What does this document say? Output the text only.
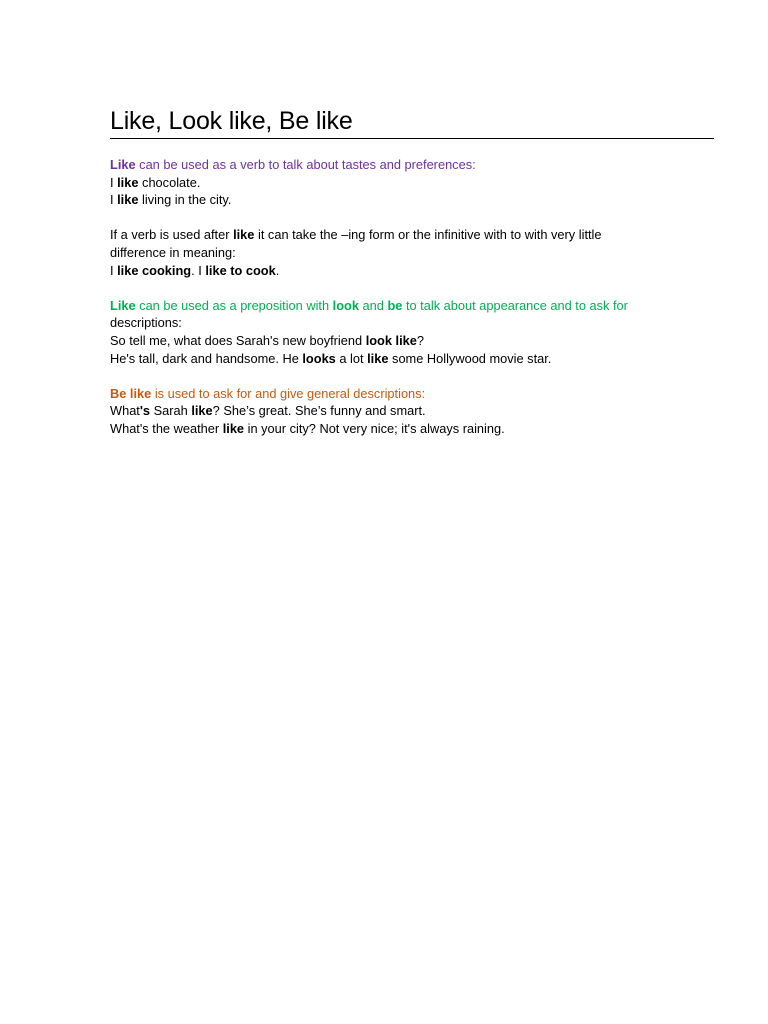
Like, Look like, Be like

Like can be used as a verb to talk about tastes and preferences:

I like chocolate.

I like living in the city.

If a verb is used after like it can take the –ing form or the infinitive with to with very little

difference in meaning:

I like cooking. I like to cook.

Like can be used as a preposition with look and be to talk about appearance and to ask for

descriptions:

So tell me, what does Sarah's new boyfriend look like?

He's tall, dark and handsome. He looks a lot like some Hollywood movie star.

Be like is used to ask for and give general descriptions:

What's Sarah like? She’s great. She’s funny and smart.

What's the weather like in your city? Not very nice; it's always raining.
